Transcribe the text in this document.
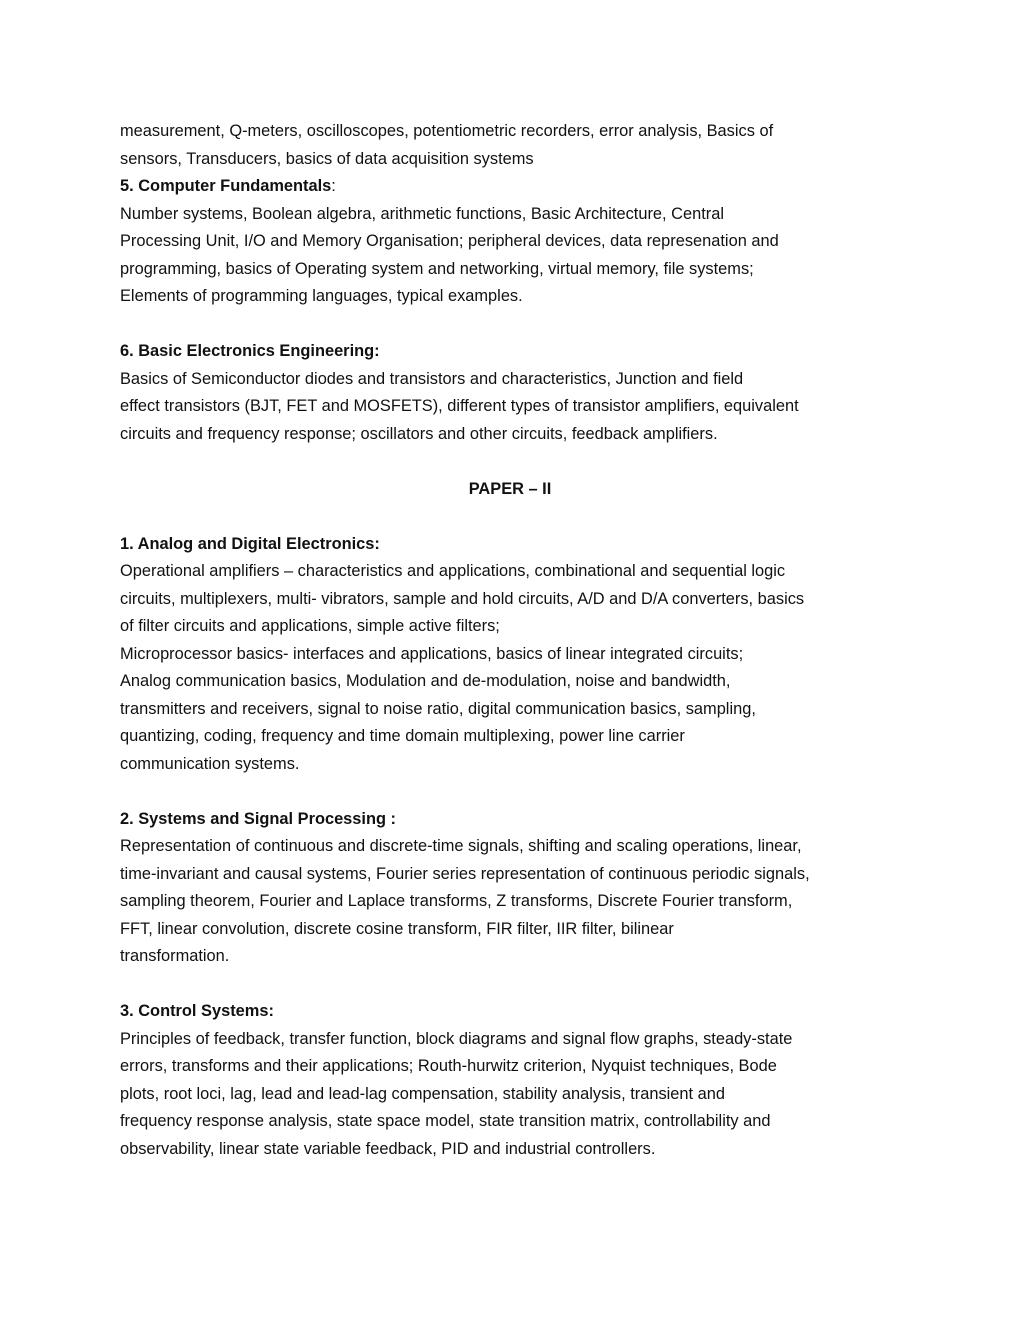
measurement, Q-meters, oscilloscopes, potentiometric recorders, error analysis, Basics of
sensors, Transducers, basics of data acquisition systems
5. Computer Fundamentals:
Number systems, Boolean algebra, arithmetic functions, Basic Architecture, Central
Processing Unit, I/O and Memory Organisation; peripheral devices, data represenation and
programming, basics of Operating system and networking, virtual memory, file systems;
Elements of programming languages, typical examples.
6. Basic Electronics Engineering:
Basics of Semiconductor diodes and transistors and characteristics, Junction and field
effect transistors (BJT, FET and MOSFETS), different types of transistor amplifiers, equivalent
circuits and frequency response; oscillators and other circuits, feedback amplifiers.
PAPER – II
1. Analog and Digital Electronics:
Operational amplifiers – characteristics and applications, combinational and sequential logic
circuits, multiplexers, multi- vibrators, sample and hold circuits, A/D and D/A converters, basics
of filter circuits and applications, simple active filters;
Microprocessor basics- interfaces and applications, basics of linear integrated circuits;
Analog communication basics, Modulation and de-modulation, noise and bandwidth,
transmitters and receivers, signal to noise ratio, digital communication basics, sampling,
quantizing, coding, frequency and time domain multiplexing, power line carrier
communication systems.
2. Systems and Signal Processing :
Representation of continuous and discrete-time signals, shifting and scaling operations, linear,
time-invariant and causal systems, Fourier series representation of continuous periodic signals,
sampling theorem, Fourier and Laplace transforms, Z transforms, Discrete Fourier transform,
FFT, linear convolution, discrete cosine transform, FIR filter, IIR filter, bilinear
transformation.
3. Control Systems:
Principles of feedback, transfer function, block diagrams and signal flow graphs, steady-state
errors, transforms and their applications; Routh-hurwitz criterion, Nyquist techniques, Bode
plots, root loci, lag, lead and lead-lag compensation, stability analysis, transient and
frequency response analysis, state space model, state transition matrix, controllability and
observability, linear state variable feedback, PID and industrial controllers.
